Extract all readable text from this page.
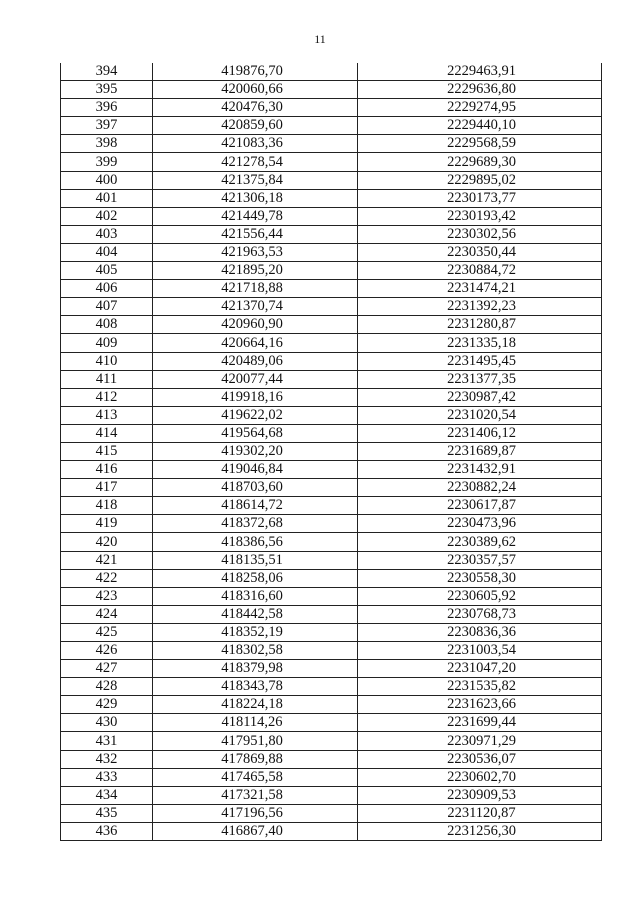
11
394	419876,70	2229463,91
395	420060,66	2229636,80
396	420476,30	2229274,95
397	420859,60	2229440,10
398	421083,36	2229568,59
399	421278,54	2229689,30
400	421375,84	2229895,02
401	421306,18	2230173,77
402	421449,78	2230193,42
403	421556,44	2230302,56
404	421963,53	2230350,44
405	421895,20	2230884,72
406	421718,88	2231474,21
407	421370,74	2231392,23
408	420960,90	2231280,87
409	420664,16	2231335,18
410	420489,06	2231495,45
411	420077,44	2231377,35
412	419918,16	2230987,42
413	419622,02	2231020,54
414	419564,68	2231406,12
415	419302,20	2231689,87
416	419046,84	2231432,91
417	418703,60	2230882,24
418	418614,72	2230617,87
419	418372,68	2230473,96
420	418386,56	2230389,62
421	418135,51	2230357,57
422	418258,06	2230558,30
423	418316,60	2230605,92
424	418442,58	2230768,73
425	418352,19	2230836,36
426	418302,58	2231003,54
427	418379,98	2231047,20
428	418343,78	2231535,82
429	418224,18	2231623,66
430	418114,26	2231699,44
431	417951,80	2230971,29
432	417869,88	2230536,07
433	417465,58	2230602,70
434	417321,58	2230909,53
435	417196,56	2231120,87
436	416867,40	2231256,30
